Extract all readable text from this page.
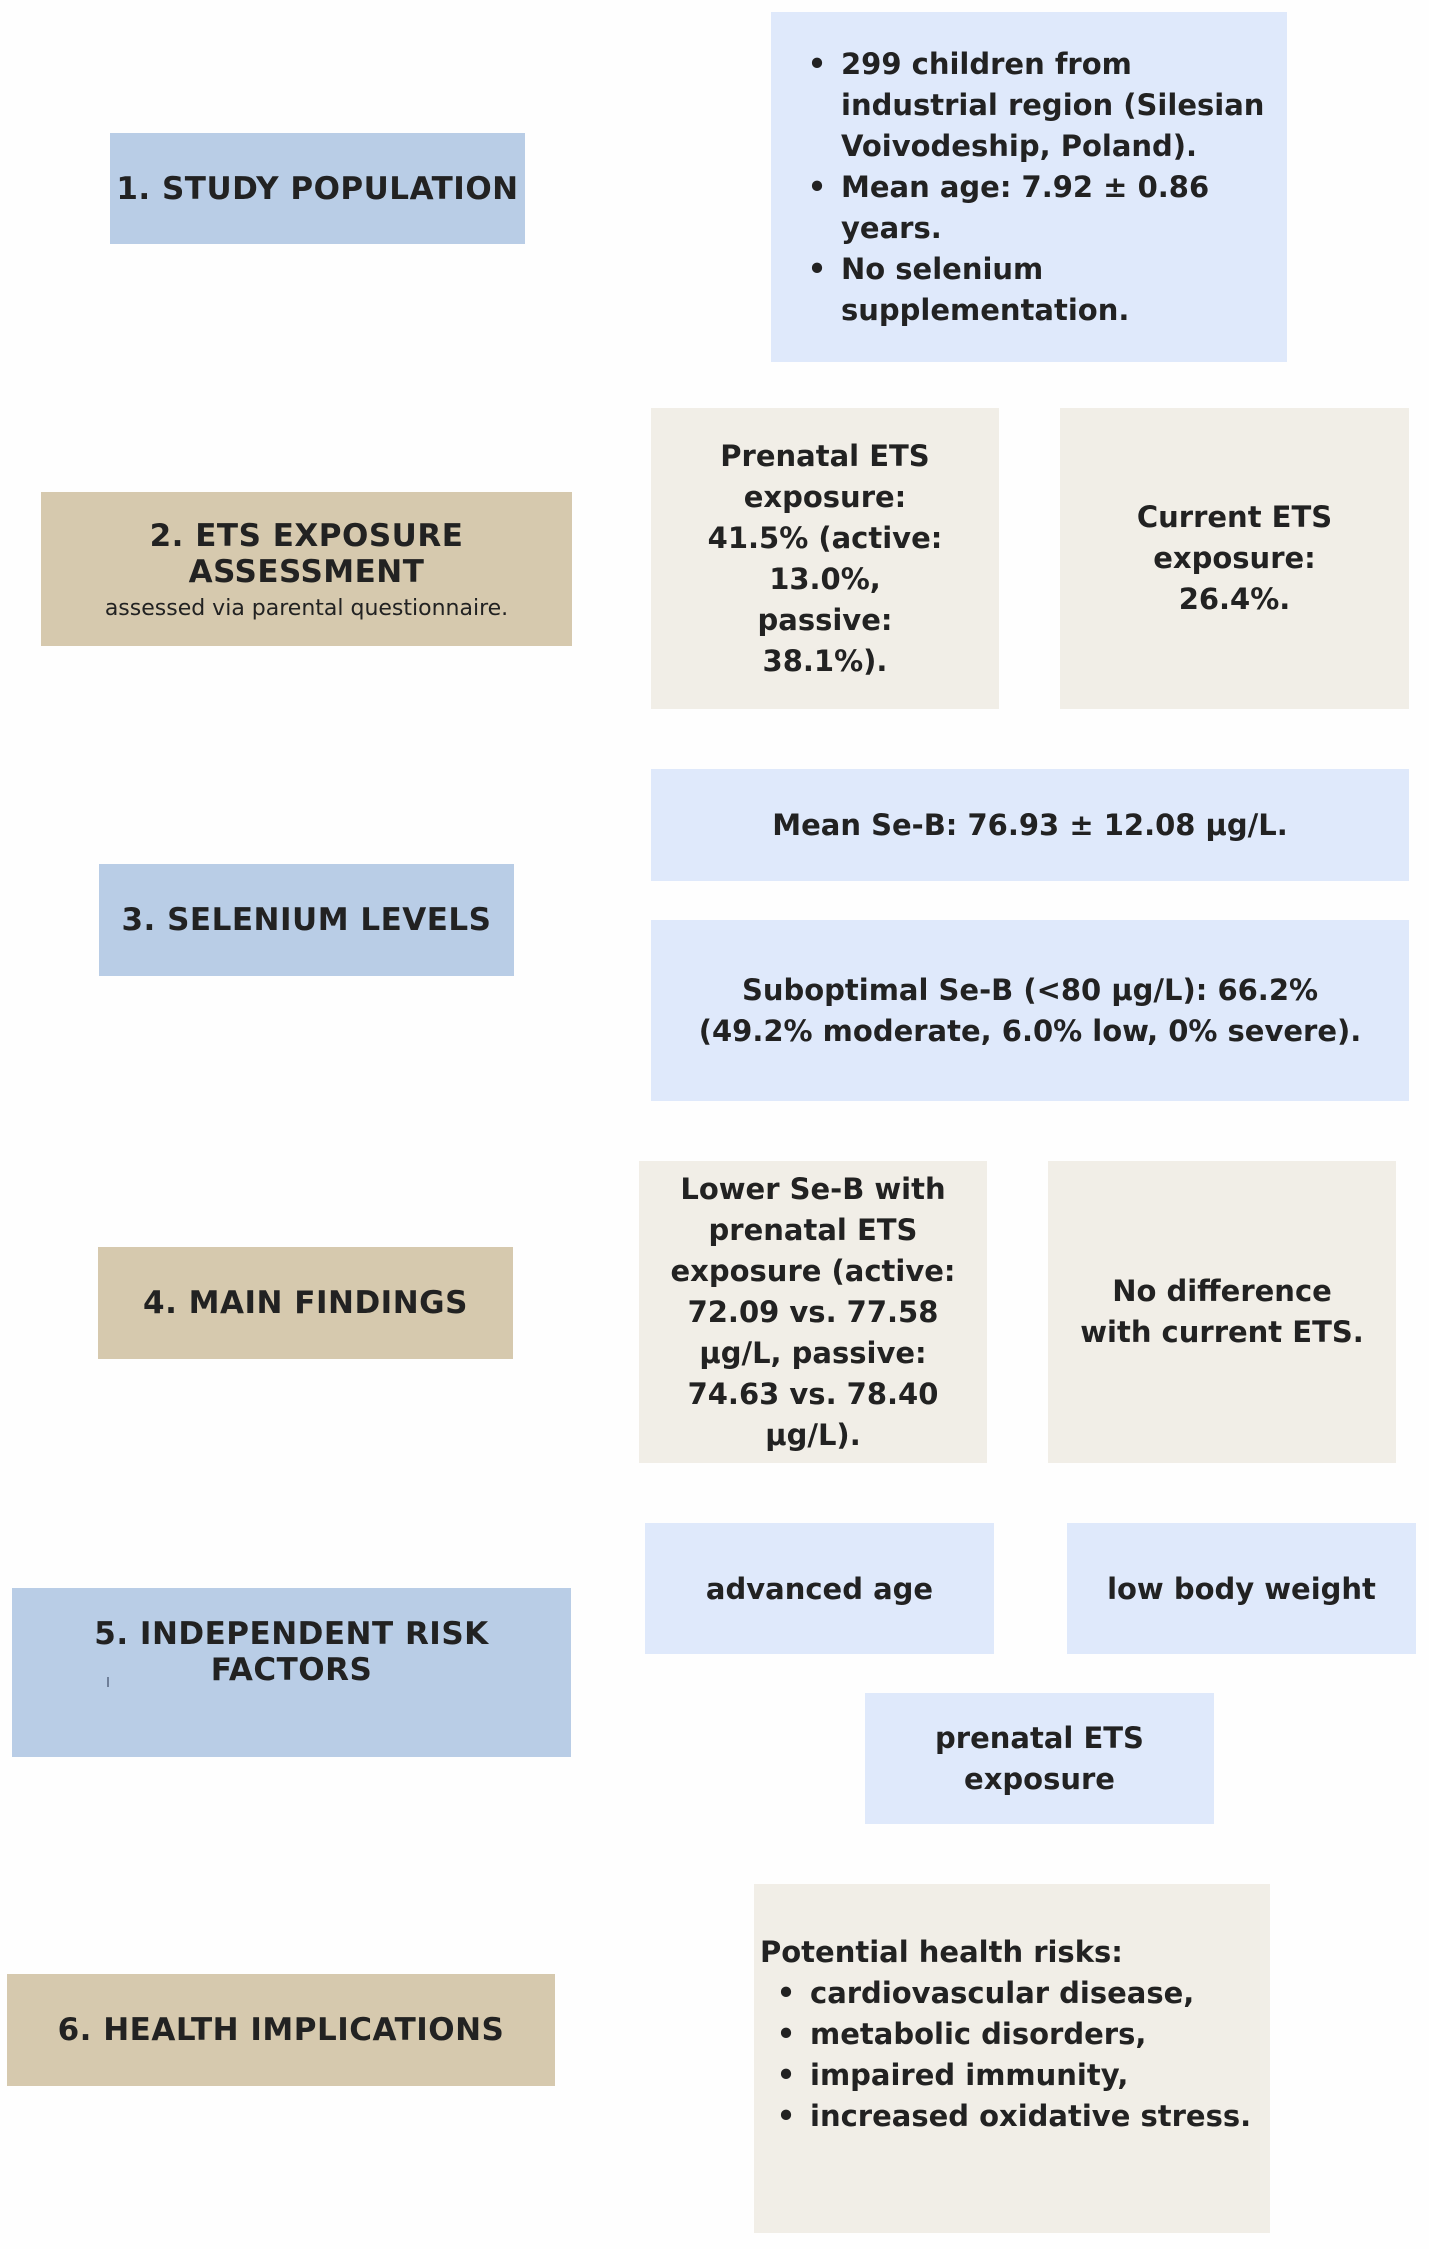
1. STUDY POPULATION
• 299 children from industrial region (Silesian Voivodeship, Poland).
• Mean age: 7.92 ± 0.86 years.
• No selenium supplementation.
2. ETS EXPOSURE ASSESSMENT
assessed via parental questionnaire.
Prenatal ETS exposure: 41.5% (active: 13.0%, passive: 38.1%).
Current ETS exposure: 26.4%.
3. SELENIUM LEVELS
Mean Se-B: 76.93 ± 12.08 μg/L.
Suboptimal Se-B (<80 μg/L): 66.2%
(49.2% moderate, 6.0% low, 0% severe).
4. MAIN FINDINGS
Lower Se-B with prenatal ETS exposure (active: 72.09 vs. 77.58 μg/L, passive: 74.63 vs. 78.40 μg/L).
No difference with current ETS.
5. INDEPENDENT RISK FACTORS
advanced age	low body weight
prenatal ETS exposure
6. HEALTH IMPLICATIONS
Potential health risks:
• cardiovascular disease,
• metabolic disorders,
• impaired immunity,
• increased oxidative stress.
